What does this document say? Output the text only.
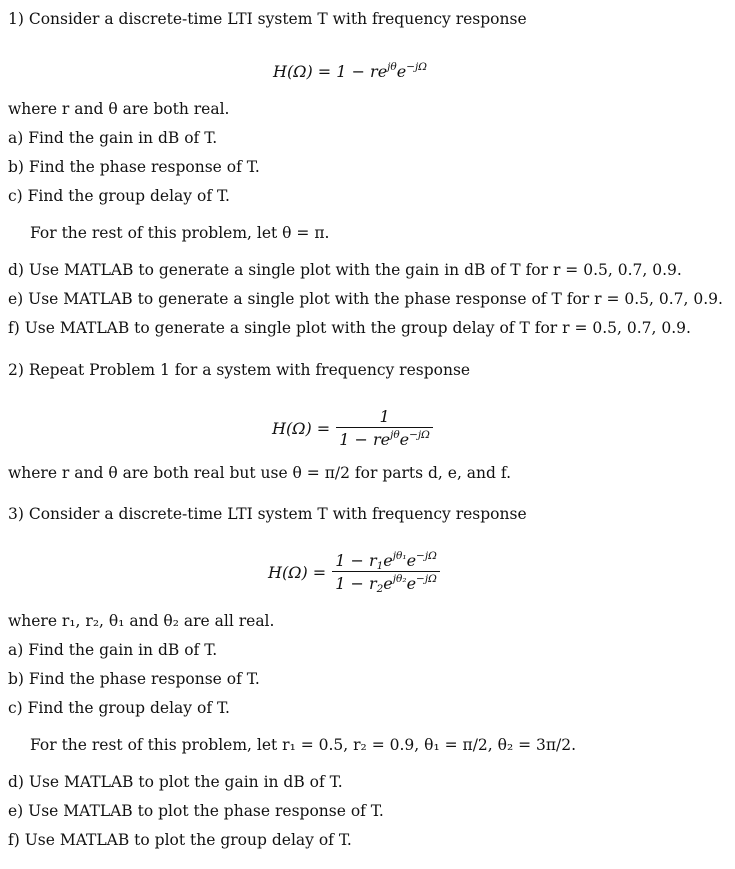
1) Consider a discrete-time LTI system T with frequency response
$H(\Omega) = 1 - re^{j\theta}e^{-j\Omega}$
where r and θ are both real.
a) Find the gain in dB of T.
b) Find the phase response of T.
c) Find the group delay of T.
For the rest of this problem, let θ = π.
d) Use MATLAB to generate a single plot with the gain in dB of T for r = 0.5, 0.7, 0.9.
e) Use MATLAB to generate a single plot with the phase response of T for r = 0.5, 0.7, 0.9.
f) Use MATLAB to generate a single plot with the group delay of T for r = 0.5, 0.7, 0.9.
2) Repeat Problem 1 for a system with frequency response
$H(\Omega) = \frac{1}{1 - re^{j\theta}e^{-j\Omega}}$
where r and θ are both real but use θ = π/2 for parts d, e, and f.
3) Consider a discrete-time LTI system T with frequency response
$H(\Omega) = \frac{1 - r_1e^{j\theta_1}e^{-j\Omega}}{1 - r_2e^{j\theta_2}e^{-j\Omega}}$
where r₁, r₂, θ₁ and θ₂ are all real.
a) Find the gain in dB of T.
b) Find the phase response of T.
c) Find the group delay of T.
For the rest of this problem, let r₁ = 0.5, r₂ = 0.9, θ₁ = π/2, θ₂ = 3π/2.
d) Use MATLAB to plot the gain in dB of T.
e) Use MATLAB to plot the phase response of T.
f) Use MATLAB to plot the group delay of T.
